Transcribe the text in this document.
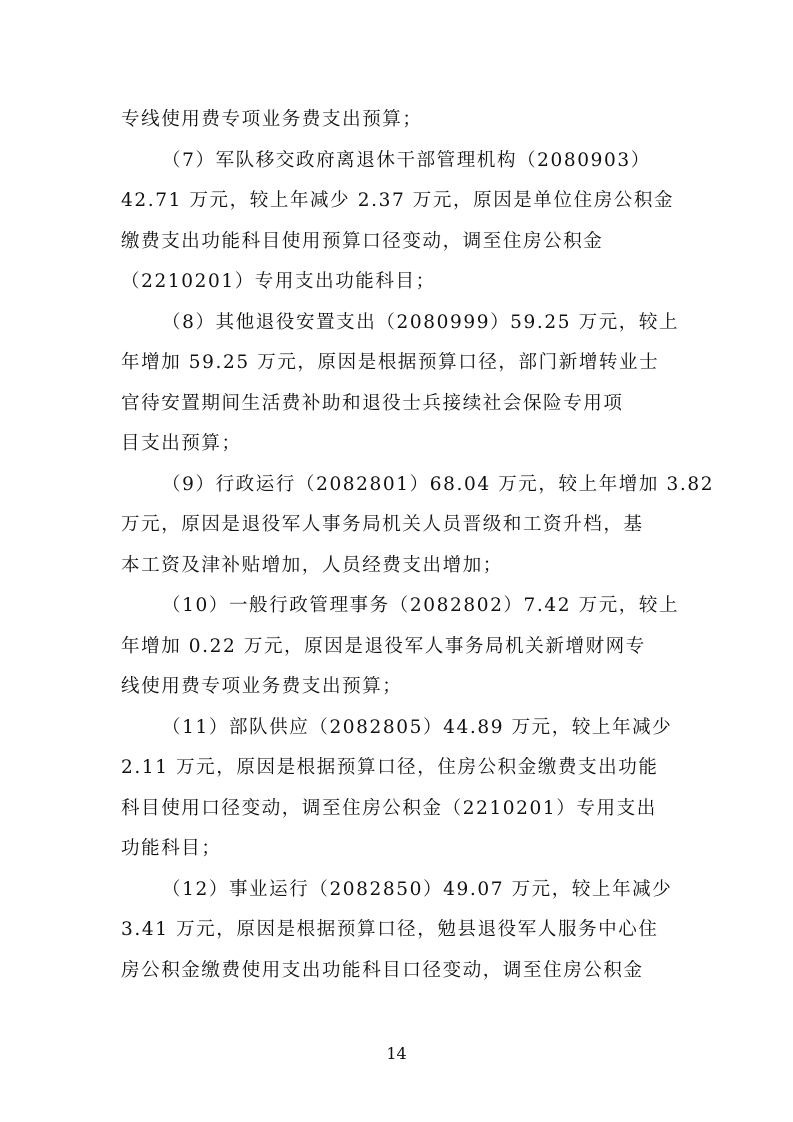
专线使用费专项业务费支出预算；
（7）军队移交政府离退休干部管理机构（2080903）
42.71 万元，较上年减少 2.37 万元，原因是单位住房公积金
缴费支出功能科目使用预算口径变动，调至住房公积金
（2210201）专用支出功能科目；
（8）其他退役安置支出（2080999）59.25 万元，较上
年增加 59.25 万元，原因是根据预算口径，部门新增转业士
官待安置期间生活费补助和退役士兵接续社会保险专用项
目支出预算；
（9）行政运行（2082801）68.04 万元，较上年增加 3.82
万元，原因是退役军人事务局机关人员晋级和工资升档，基
本工资及津补贴增加，人员经费支出增加；
（10）一般行政管理事务（2082802）7.42 万元，较上
年增加 0.22 万元，原因是退役军人事务局机关新增财网专
线使用费专项业务费支出预算；
（11）部队供应（2082805）44.89 万元，较上年减少
2.11 万元，原因是根据预算口径，住房公积金缴费支出功能
科目使用口径变动，调至住房公积金（2210201）专用支出
功能科目；
（12）事业运行（2082850）49.07 万元，较上年减少
3.41 万元，原因是根据预算口径，勉县退役军人服务中心住
房公积金缴费使用支出功能科目口径变动，调至住房公积金
14
